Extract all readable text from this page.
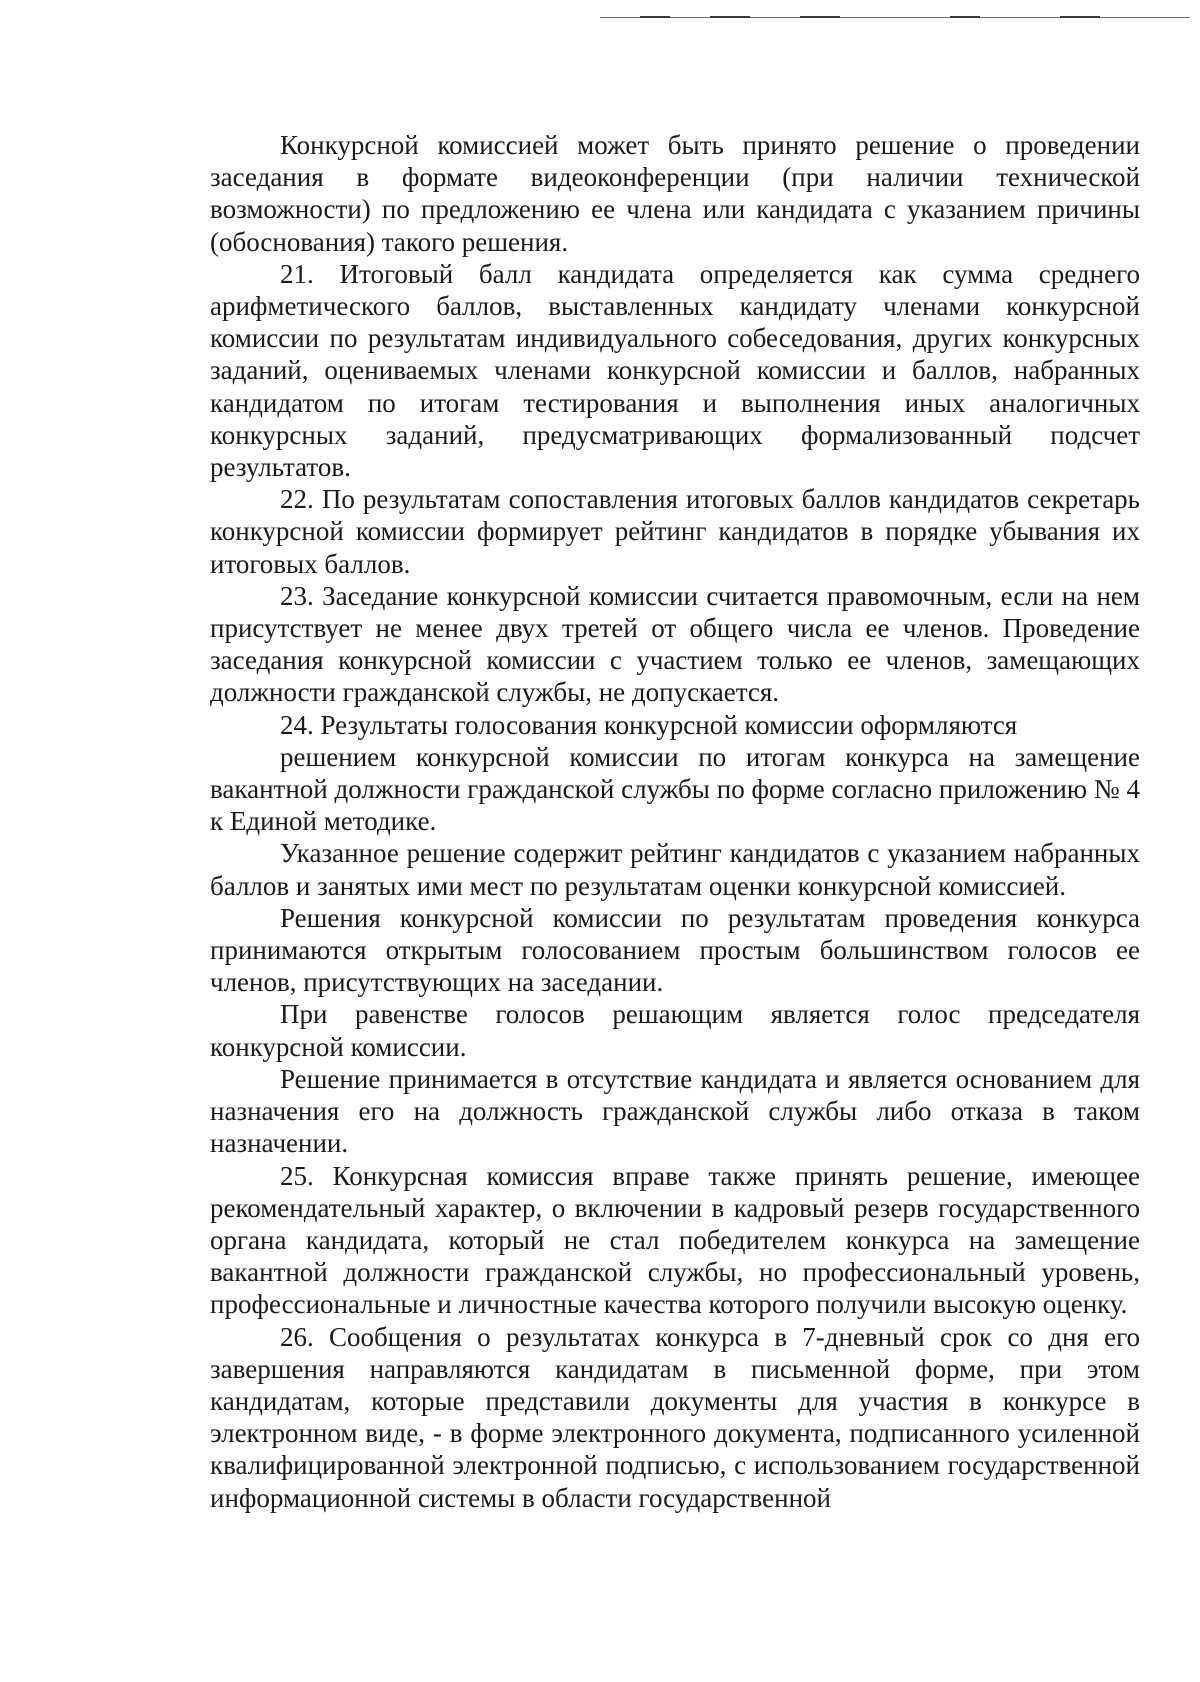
Конкурсной комиссией может быть принято решение о проведении заседания в формате видеоконференции (при наличии технической возможности) по предложению ее члена или кандидата с указанием причины (обоснования) такого решения.

21. Итоговый балл кандидата определяется как сумма среднего арифметического баллов, выставленных кандидату членами конкурсной комиссии по результатам индивидуального собеседования, других конкурсных заданий, оцениваемых членами конкурсной комиссии и баллов, набранных кандидатом по итогам тестирования и выполнения иных аналогичных конкурсных заданий, предусматривающих формализованный подсчет результатов.

22. По результатам сопоставления итоговых баллов кандидатов секретарь конкурсной комиссии формирует рейтинг кандидатов в порядке убывания их итоговых баллов.

23. Заседание конкурсной комиссии считается правомочным, если на нем присутствует не менее двух третей от общего числа ее членов. Проведение заседания конкурсной комиссии с участием только ее членов, замещающих должности гражданской службы, не допускается.

24. Результаты голосования конкурсной комиссии оформляются

решением конкурсной комиссии по итогам конкурса на замещение вакантной должности гражданской службы по форме согласно приложению № 4 к Единой методике.

Указанное решение содержит рейтинг кандидатов с указанием набранных баллов и занятых ими мест по результатам оценки конкурсной комиссией.

Решения конкурсной комиссии по результатам проведения конкурса принимаются открытым голосованием простым большинством голосов ее членов, присутствующих на заседании.

При равенстве голосов решающим является голос председателя конкурсной комиссии.

Решение принимается в отсутствие кандидата и является основанием для назначения его на должность гражданской службы либо отказа в таком назначении.

25. Конкурсная комиссия вправе также принять решение, имеющее рекомендательный характер, о включении в кадровый резерв государственного органа кандидата, который не стал победителем конкурса на замещение вакантной должности гражданской службы, но профессиональный уровень, профессиональные и личностные качества которого получили высокую оценку.

26. Сообщения о результатах конкурса в 7-дневный срок со дня его завершения направляются кандидатам в письменной форме, при этом кандидатам, которые представили документы для участия в конкурсе в электронном виде, - в форме электронного документа, подписанного усиленной квалифицированной электронной подписью, с использованием государственной информационной системы в области государственной
